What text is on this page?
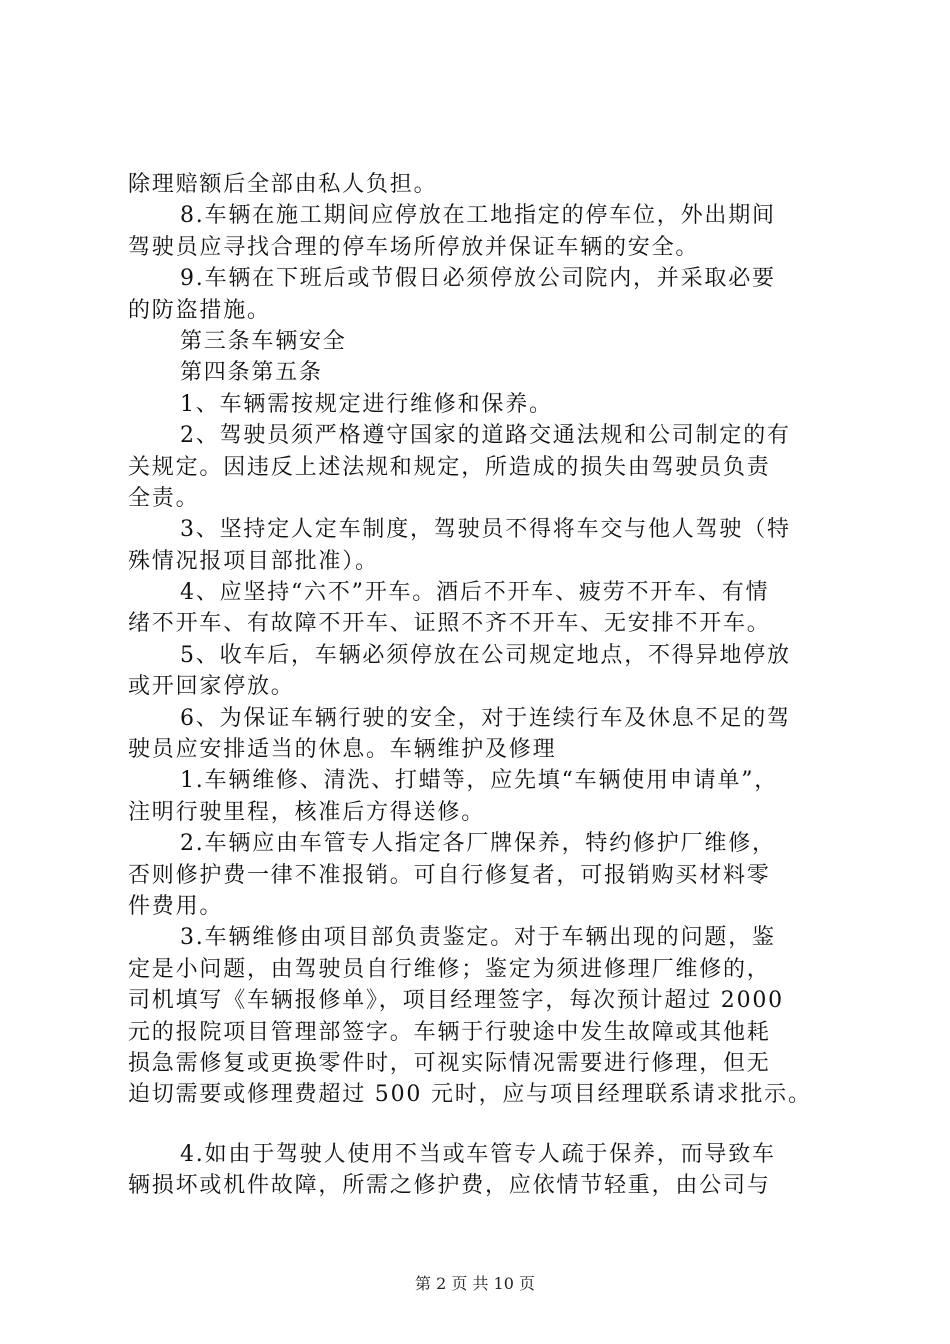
除理赔额后全部由私人负担。
8.车辆在施工期间应停放在工地指定的停车位，外出期间
驾驶员应寻找合理的停车场所停放并保证车辆的安全。
9.车辆在下班后或节假日必须停放公司院内，并采取必要
的防盗措施。
第三条车辆安全
第四条第五条
1、车辆需按规定进行维修和保养。
2、驾驶员须严格遵守国家的道路交通法规和公司制定的有
关规定。因违反上述法规和规定，所造成的损失由驾驶员负责
全责。
3、坚持定人定车制度，驾驶员不得将车交与他人驾驶（特
殊情况报项目部批准）。
4、应坚持“六不”开车。酒后不开车、疲劳不开车、有情
绪不开车、有故障不开车、证照不齐不开车、无安排不开车。
5、收车后，车辆必须停放在公司规定地点，不得异地停放
或开回家停放。
6、为保证车辆行驶的安全，对于连续行车及休息不足的驾
驶员应安排适当的休息。车辆维护及修理
1.车辆维修、清洗、打蜡等，应先填“车辆使用申请单”，
注明行驶里程，核准后方得送修。
2.车辆应由车管专人指定各厂牌保养，特约修护厂维修，
否则修护费一律不准报销。可自行修复者，可报销购买材料零
件费用。
3.车辆维修由项目部负责鉴定。对于车辆出现的问题，鉴
定是小问题，由驾驶员自行维修；鉴定为须进修理厂维修的，
司机填写《车辆报修单》，项目经理签字，每次预计超过 2000
元的报院项目管理部签字。车辆于行驶途中发生故障或其他耗
损急需修复或更换零件时，可视实际情况需要进行修理，但无
迫切需要或修理费超过 500 元时，应与项目经理联系请求批示。
4.如由于驾驶人使用不当或车管专人疏于保养，而导致车
辆损坏或机件故障，所需之修护费，应依情节轻重，由公司与
第 2 页 共 10 页
